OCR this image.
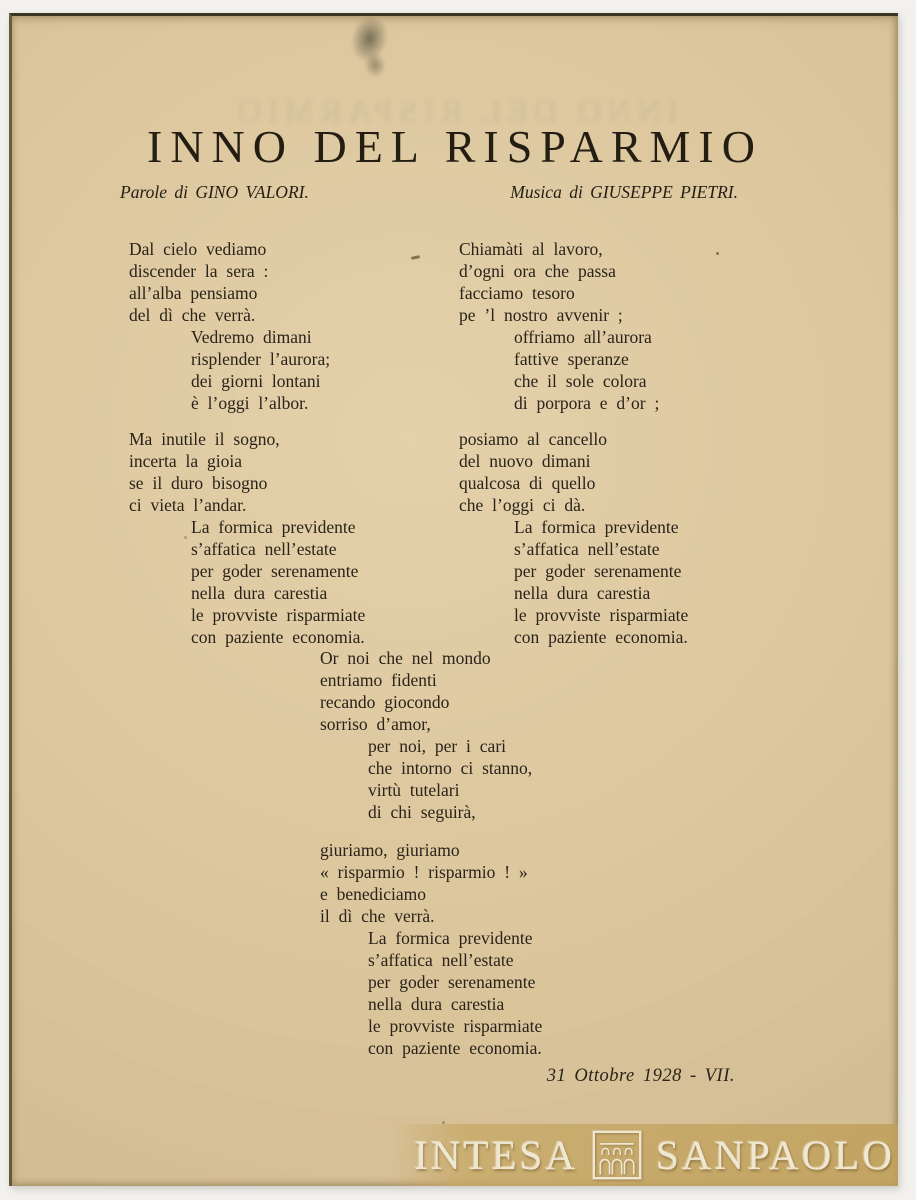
INNO DEL RISPARMIO
INNO DEL RISPARMIO
Parole di GINO VALORI.	Musica di GIUSEPPE PIETRI.
Dal cielo vediamo
discender la sera :
all’alba pensiamo
del dì che verrà.
Vedremo dimani
risplender l’aurora;
dei giorni lontani
è l’oggi l’albor.
Ma inutile il sogno,
incerta la gioia
se il duro bisogno
ci vieta l’andar.
La formica previdente
s’affatica nell’estate
per goder serenamente
nella dura carestia
le provviste risparmiate
con paziente economia.
Chiamàti al lavoro,
d’ogni ora che passa
facciamo tesoro
pe ’l nostro avvenir ;
offriamo all’aurora
fattive speranze
che il sole colora
di porpora e d’or ;
posiamo al cancello
del nuovo dimani
qualcosa di quello
che l’oggi ci dà.
La formica previdente
s’affatica nell’estate
per goder serenamente
nella dura carestia
le provviste risparmiate
con paziente economia.
Or noi che nel mondo
entriamo fidenti
recando giocondo
sorriso d’amor,
per noi, per i cari
che intorno ci stanno,
virtù tutelari
di chi seguirà,
giuriamo, giuriamo
« risparmio ! risparmio ! »
e benediciamo
il dì che verrà.
La formica previdente
s’affatica nell’estate
per goder serenamente
nella dura carestia
le provviste risparmiate
con paziente economia.
31 Ottobre 1928 - VII.
INTESA SANPAOLO
